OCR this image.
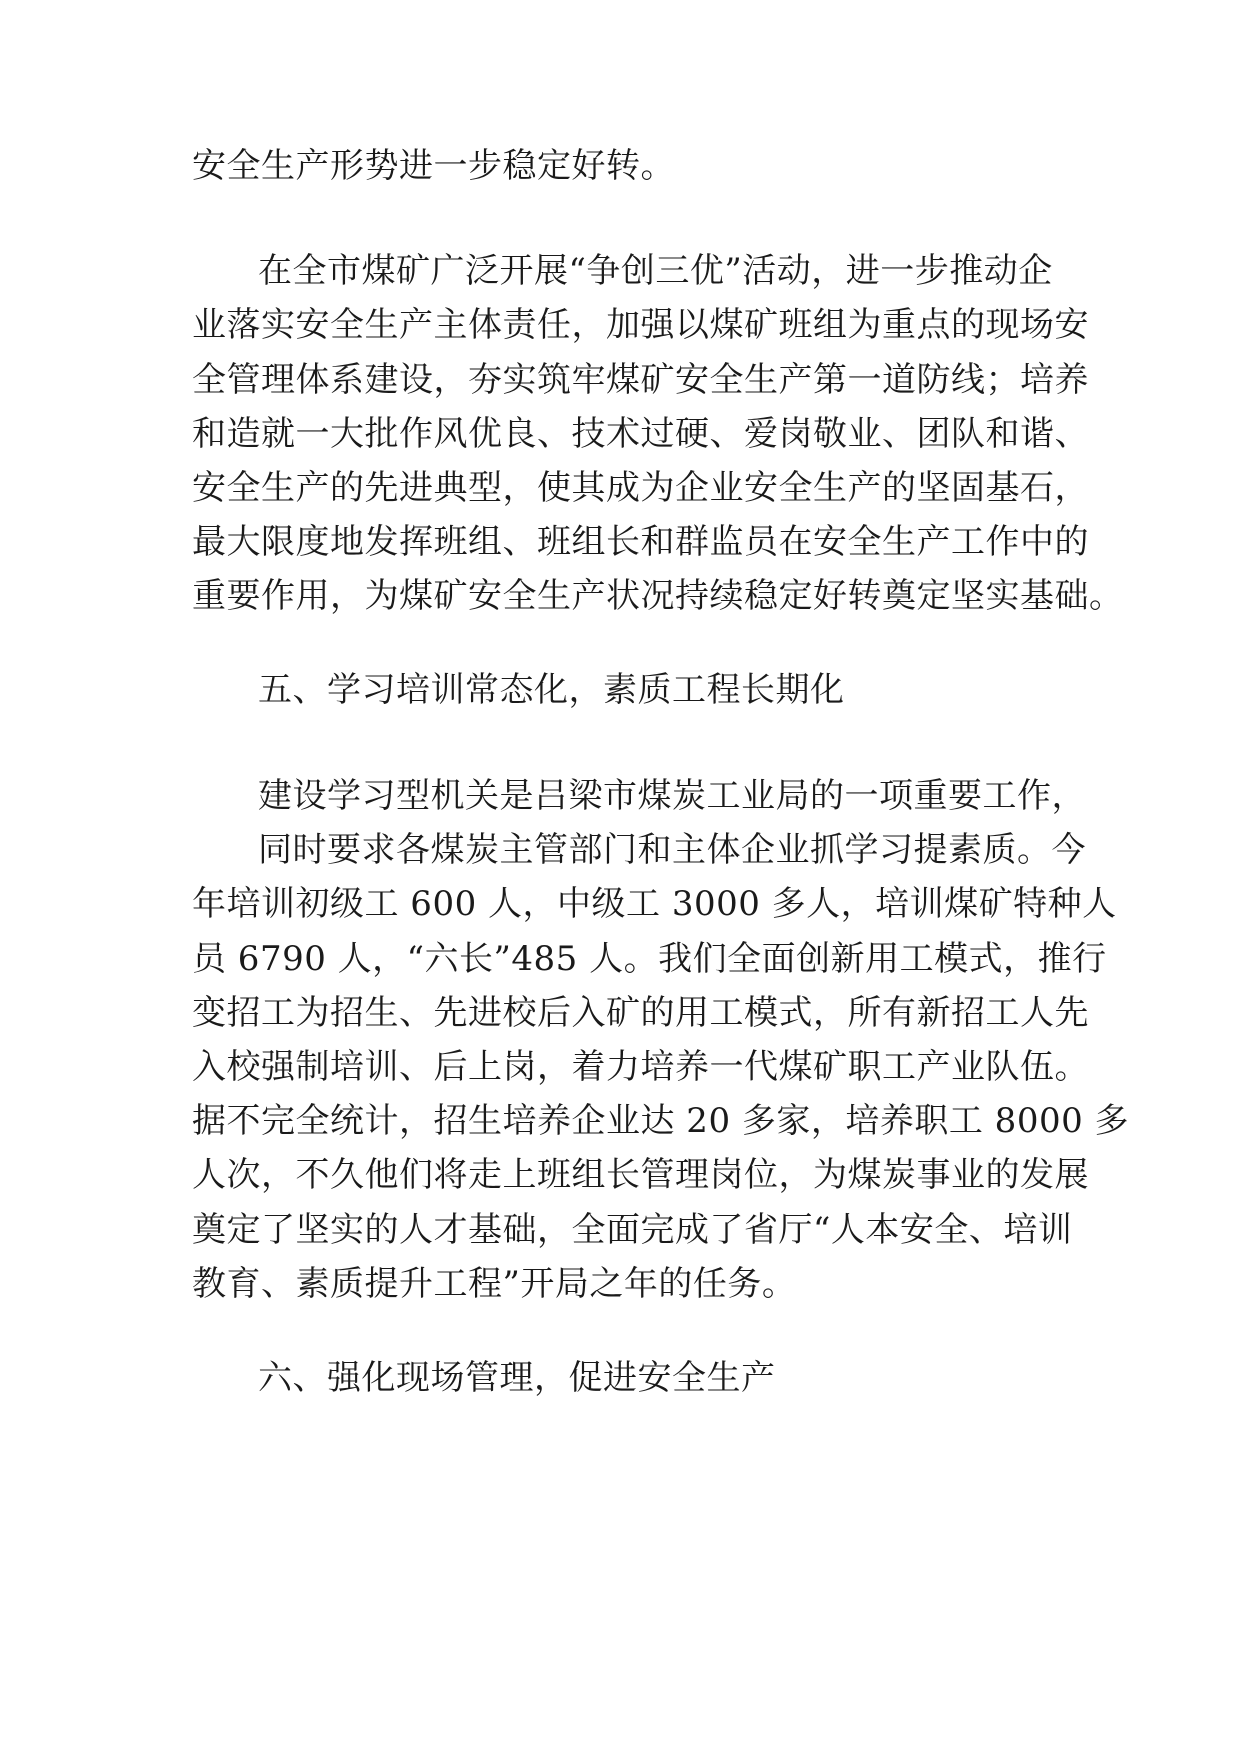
安全生产形势进一步稳定好转。
在全市煤矿广泛开展“争创三优”活动，进一步推动企
业落实安全生产主体责任，加强以煤矿班组为重点的现场安
全管理体系建设，夯实筑牢煤矿安全生产第一道防线；培养
和造就一大批作风优良、技术过硬、爱岗敬业、团队和谐、
安全生产的先进典型，使其成为企业安全生产的坚固基石，
最大限度地发挥班组、班组长和群监员在安全生产工作中的
重要作用，为煤矿安全生产状况持续稳定好转奠定坚实基础。
五、学习培训常态化，素质工程长期化
建设学习型机关是吕梁市煤炭工业局的一项重要工作，
同时要求各煤炭主管部门和主体企业抓学习提素质。今
年培训初级工 600 人，中级工 3000 多人，培训煤矿特种人
员 6790 人，“六长”485 人。我们全面创新用工模式，推行
变招工为招生、先进校后入矿的用工模式，所有新招工人先
入校强制培训、后上岗，着力培养一代煤矿职工产业队伍。
据不完全统计，招生培养企业达 20 多家，培养职工 8000 多
人次，不久他们将走上班组长管理岗位，为煤炭事业的发展
奠定了坚实的人才基础，全面完成了省厅“人本安全、培训
教育、素质提升工程”开局之年的任务。
六、强化现场管理，促进安全生产
